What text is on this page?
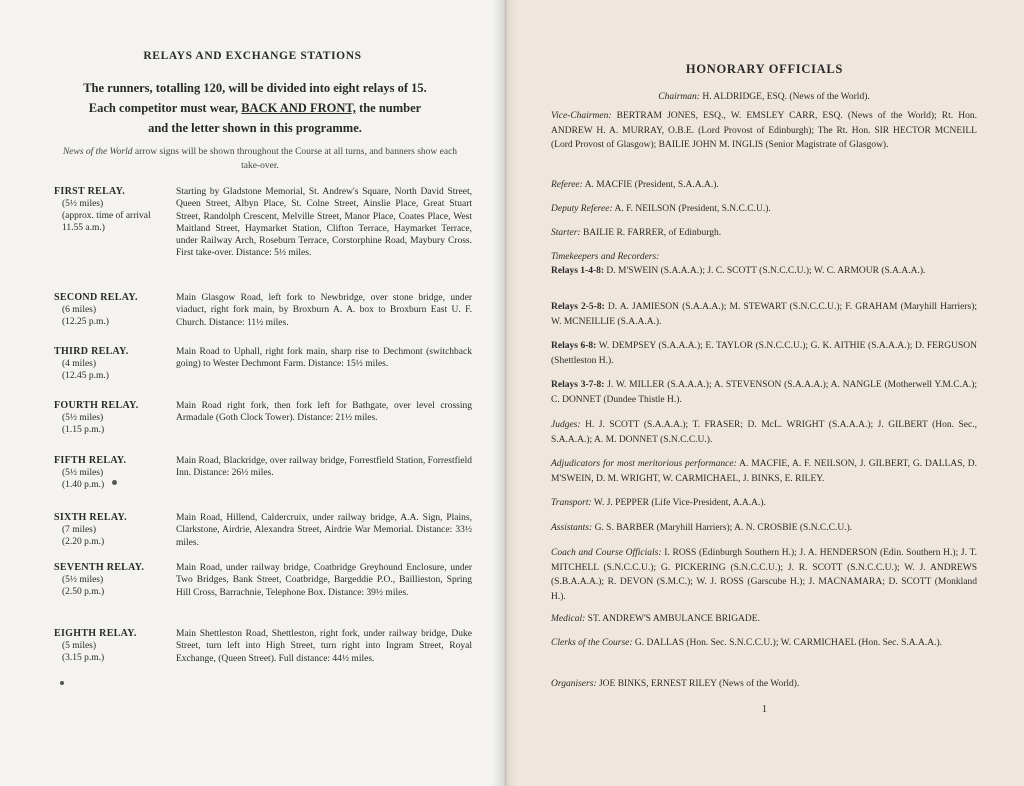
RELAYS AND EXCHANGE STATIONS
The runners, totalling 120, will be divided into eight relays of 15.
Each competitor must wear, BACK AND FRONT, the number
and the letter shown in this programme.
News of the World arrow signs will be shown throughout the Course at all turns, and banners show each take-over.
FIRST RELAY.
(5½ miles)
(approx. time of arrival 11.55 a.m.)
Starting by Gladstone Memorial, St. Andrew's Square, North David Street, Queen Street, Albyn Place, St. Colne Street, Ainslie Place, Great Stuart Street, Randolph Crescent, Melville Street, Manor Place, Coates Place, West Maitland Street, Haymarket Station, Clifton Terrace, Haymarket Terrace, under Railway Arch, Roseburn Terrace, Corstorphine Road, Maybury Cross. First take-over. Distance: 5½ miles.
SECOND RELAY.
(6 miles)
(12.25 p.m.)
Main Glasgow Road, left fork to Newbridge, over stone bridge, under viaduct, right fork main, by Broxburn A. A. box to Broxburn East U. F. Church. Distance: 11½ miles.
THIRD RELAY.
(4 miles)
(12.45 p.m.)
Main Road to Uphall, right fork main, sharp rise to Dechmont (switchback going) to Wester Dechmont Farm. Distance: 15½ miles.
FOURTH RELAY.
(5½ miles)
(1.15 p.m.)
Main Road right fork, then fork left for Bathgate, over level crossing Armadale (Goth Clock Tower). Distance: 21½ miles.
FIFTH RELAY.
(5½ miles)
(1.40 p.m.)
Main Road, Blackridge, over railway bridge, Forrestfield Station, Forrestfield Inn. Distance: 26½ miles.
SIXTH RELAY.
(7 miles)
(2.20 p.m.)
Main Road, Hillend, Caldercruix, under railway bridge, A.A. Sign, Plains, Clarkstone, Airdrie, Alexandra Street, Airdrie War Memorial. Distance: 33½ miles.
SEVENTH RELAY.
(5½ miles)
(2.50 p.m.)
Main Road, under railway bridge, Coatbridge Greyhound Enclosure, under Two Bridges, Bank Street, Coatbridge, Bargeddie P.O., Baillieston, Spring Hill Cross, Barrachnie, Telephone Box. Distance: 39½ miles.
EIGHTH RELAY.
(5 miles)
(3.15 p.m.)
Main Shettleston Road, Shettleston, right fork, under railway bridge, Duke Street, turn left into High Street, turn right into Ingram Street, Royal Exchange, (Queen Street). Full distance: 44½ miles.
HONORARY OFFICIALS
Chairman: H. ALDRIDGE, ESQ. (News of the World).
Vice-Chairmen: BERTRAM JONES, ESQ., W. EMSLEY CARR, ESQ. (News of the World); Rt. Hon. ANDREW H. A. MURRAY, O.B.E. (Lord Provost of Edinburgh); The Rt. Hon. SIR HECTOR MCNEILL (Lord Provost of Glasgow); BAILIE JOHN M. INGLIS (Senior Magistrate of Glasgow).
Referee: A. MACFIE (President, S.A.A.A.).
Deputy Referee: A. F. NEILSON (President, S.N.C.C.U.).
Starter: BAILIE R. FARRER, of Edinburgh.
Timekeepers and Recorders:
Relays 1-4-8: D. M'SWEIN (S.A.A.A.); J. C. SCOTT (S.N.C.C.U.); W. C. ARMOUR (S.A.A.A.).
Relays 2-5-8: D. A. JAMIESON (S.A.A.A.); M. STEWART (S.N.C.C.U.); F. GRAHAM (Maryhill Harriers); W. MCNEILLIE (S.A.A.A.).
Relays 6-8: W. DEMPSEY (S.A.A.A.); E. TAYLOR (S.N.C.C.U.); G. K. AITHIE (S.A.A.A.); D. FERGUSON (Shettleston H.).
Relays 3-7-8: J. W. MILLER (S.A.A.A.); A. STEVENSON (S.A.A.A.); A. NANGLE (Motherwell Y.M.C.A.); C. DONNET (Dundee Thistle H.).
Judges: H. J. SCOTT (S.A.A.A.); T. FRASER; D. McL. WRIGHT (S.A.A.A.); J. GILBERT (Hon. Sec., S.A.A.A.); A. M. DONNET (S.N.C.C.U.).
Adjudicators for most meritorious performance: A. MACFIE, A. F. NEILSON, J. GILBERT, G. DALLAS, D. M'SWEIN, D. M. WRIGHT, W. CARMICHAEL, J. BINKS, E. RILEY.
Transport: W. J. PEPPER (Life Vice-President, A.A.A.).
Assistants: G. S. BARBER (Maryhill Harriers); A. N. CROSBIE (S.N.C.C.U.).
Coach and Course Officials: I. ROSS (Edinburgh Southern H.); J. A. HENDERSON (Edin. Southern H.); J. T. MITCHELL (S.N.C.C.U.); G. PICKERING (S.N.C.C.U.); J. R. SCOTT (S.N.C.C.U.); W. J. ANDREWS (S.B.A.A.A.); R. DEVON (S.M.C.); W. J. ROSS (Garscube H.); J. MACNAMARA; D. SCOTT (Monkland H.).
Medical: ST. ANDREW'S AMBULANCE BRIGADE.
Clerks of the Course: G. DALLAS (Hon. Sec. S.N.C.C.U.); W. CARMICHAEL (Hon. Sec. S.A.A.A.).
Organisers: JOE BINKS, ERNEST RILEY (News of the World).
1
